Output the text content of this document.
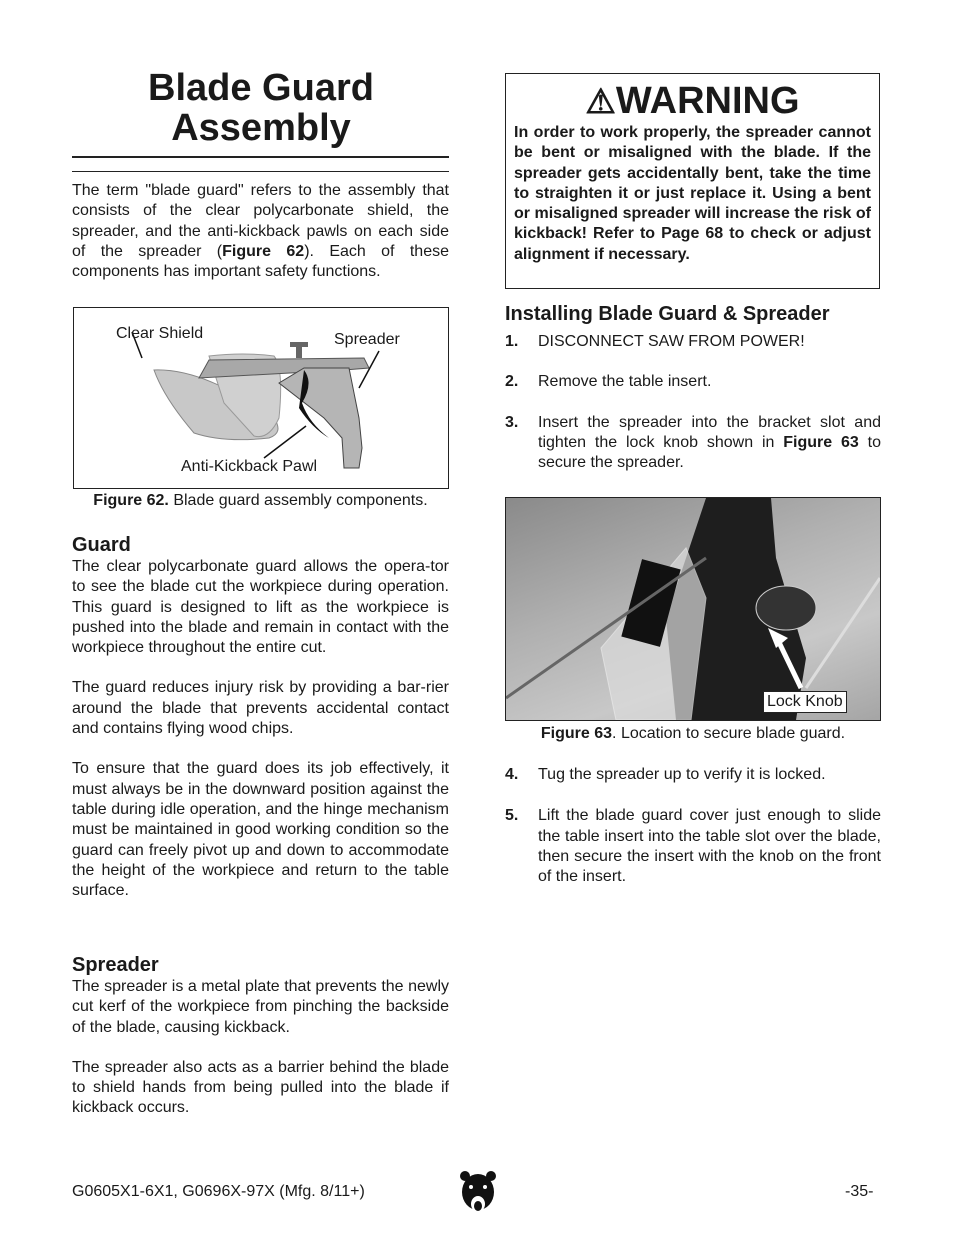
Blade Guard
Assembly

The term "blade guard" refers to the assembly that consists of the clear polycarbonate shield, the spreader, and the anti-kickback pawls on each side of the spreader (Figure 62). Each of these components has important safety functions.

Clear Shield	Spreader
Anti-Kickback Pawl
Figure 62. Blade guard assembly components.

Guard

The clear polycarbonate guard allows the opera-tor to see the blade cut the workpiece during operation. This guard is designed to lift as the workpiece is pushed into the blade and remain in contact with the workpiece throughout the entire cut.

The guard reduces injury risk by providing a bar-rier around the blade that prevents accidental contact and contains flying wood chips.

To ensure that the guard does its job effectively, it must always be in the downward position against the table during idle operation, and the hinge mechanism must be maintained in good working condition so the guard can freely pivot up and down to accommodate the height of the workpiece and return to the table surface.

Spreader

The spreader is a metal plate that prevents the newly cut kerf of the workpiece from pinching the backside of the blade, causing kickback.

The spreader also acts as a barrier behind the blade to shield hands from being pulled into the blade if kickback occurs.

⚠WARNING
In order to work properly, the spreader cannot be bent or misaligned with the blade. If the spreader gets accidentally bent, take the time to straighten it or just replace it. Using a bent or misaligned spreader will increase the risk of kickback! Refer to Page 68 to check or adjust alignment if necessary.

Installing Blade Guard & Spreader

1.	DISCONNECT SAW FROM POWER!
2.	Remove the table insert.
3.	Insert the spreader into the bracket slot and tighten the lock knob shown in Figure 63 to secure the spreader.
Lock Knob
Figure 63. Location to secure blade guard.
4.	Tug the spreader up to verify it is locked.
5.	Lift the blade guard cover just enough to slide the table insert into the table slot over the blade, then secure the insert with the knob on the front of the insert.
G0605X1-6X1, G0696X-97X (Mfg. 8/11+)	-35-
